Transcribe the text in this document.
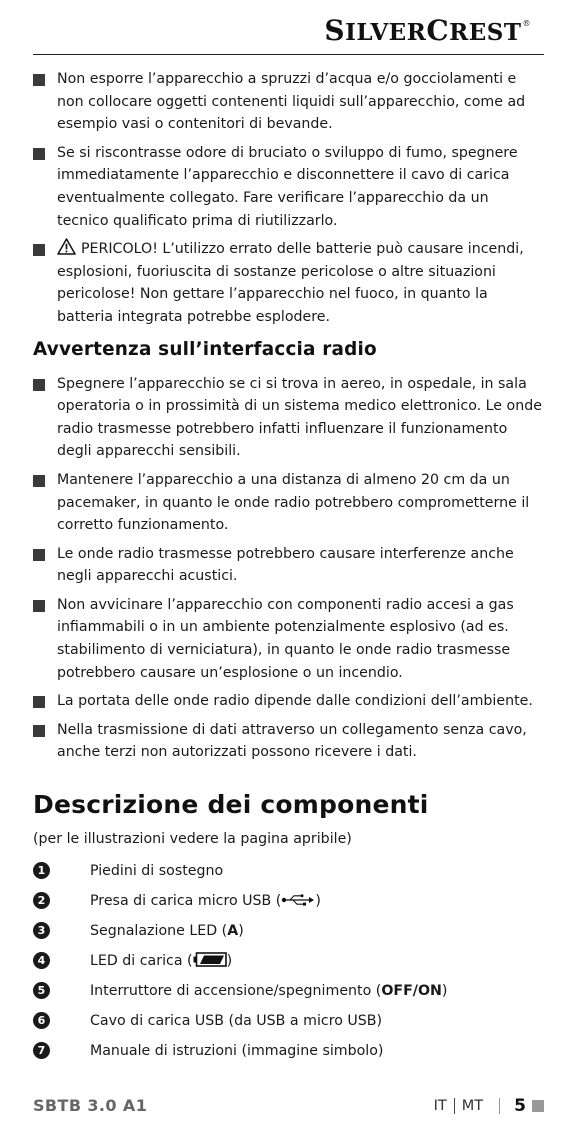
SILVERCREST®
Non esporre l’apparecchio a spruzzi d’acqua e/o gocciolamenti e non collocare oggetti contenenti liquidi sull’apparecchio, come ad esempio vasi o contenitori di bevande.
Se si riscontrasse odore di bruciato o sviluppo di fumo, spegnere immediatamente l’apparecchio e disconnettere il cavo di carica eventualmente collegato. Fare verificare l’apparecchio da un tecnico qualificato prima di riutilizzarlo.
PERICOLO! L’utilizzo errato delle batterie può causare incendi, esplosioni, fuoriuscita di sostanze pericolose o altre situazioni pericolose! Non gettare l’apparecchio nel fuoco, in quanto la batteria integrata potrebbe esplodere.
Avvertenza sull’interfaccia radio
Spegnere l’apparecchio se ci si trova in aereo, in ospedale, in sala operatoria o in prossimità di un sistema medico elettronico. Le onde radio trasmesse potrebbero infatti influenzare il funzionamento degli apparecchi sensibili.
Mantenere l’apparecchio a una distanza di almeno 20 cm da un pacemaker, in quanto le onde radio potrebbero comprometterne il corretto funzionamento.
Le onde radio trasmesse potrebbero causare interferenze anche negli apparecchi acustici.
Non avvicinare l’apparecchio con componenti radio accesi a gas infiammabili o in un ambiente potenzialmente esplosivo (ad es. stabilimento di verniciatura), in quanto le onde radio trasmesse potrebbero causare un’esplosione o un incendio.
La portata delle onde radio dipende dalle condizioni dell’ambiente.
Nella trasmissione di dati attraverso un collegamento senza cavo, anche terzi non autorizzati possono ricevere i dati.
Descrizione dei componenti
(per le illustrazioni vedere la pagina apribile)
1	Piedini di sostegno
2	Presa di carica micro USB ( )
3	Segnalazione LED (A)
4	LED di carica ( )
5	Interruttore di accensione/spegnimento (OFF/ON)
6	Cavo di carica USB (da USB a micro USB)
7	Manuale di istruzioni (immagine simbolo)
SBTB 3.0 A1	IT MT 5
